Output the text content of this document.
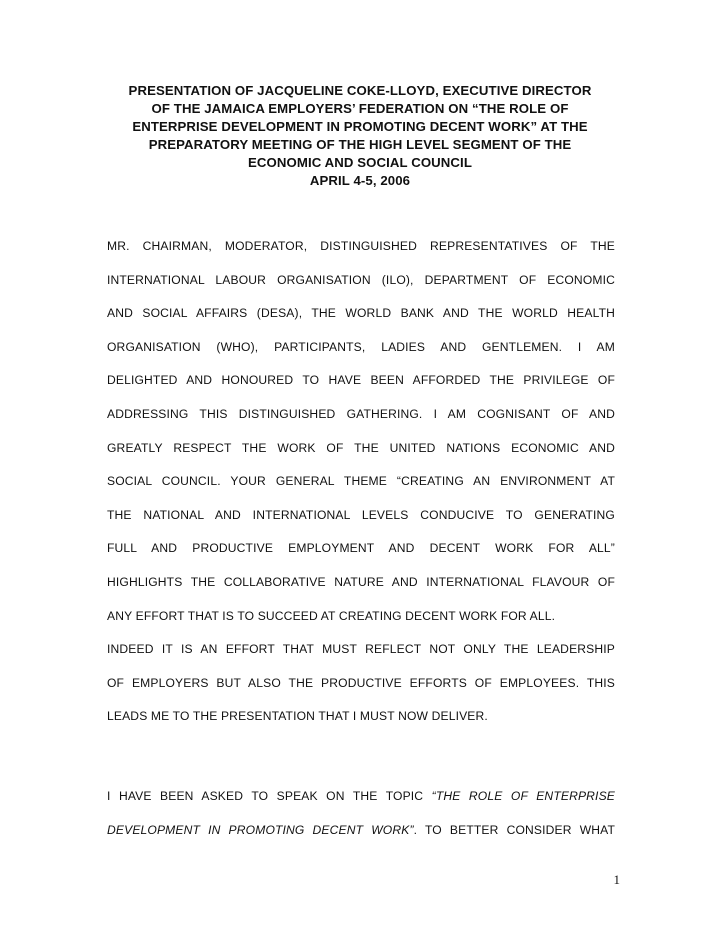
PRESENTATION OF JACQUELINE COKE-LLOYD, EXECUTIVE DIRECTOR
OF THE JAMAICA EMPLOYERS’ FEDERATION ON “THE ROLE OF
ENTERPRISE DEVELOPMENT IN PROMOTING DECENT WORK” AT THE
PREPARATORY MEETING OF THE HIGH LEVEL SEGMENT OF THE
ECONOMIC AND SOCIAL COUNCIL
APRIL 4-5, 2006
MR. CHAIRMAN, MODERATOR, DISTINGUISHED REPRESENTATIVES OF THE
INTERNATIONAL LABOUR ORGANISATION (ILO), DEPARTMENT OF ECONOMIC
AND SOCIAL AFFAIRS (DESA), THE WORLD BANK AND THE WORLD HEALTH
ORGANISATION (WHO), PARTICIPANTS, LADIES AND GENTLEMEN. I AM
DELIGHTED AND HONOURED TO HAVE BEEN AFFORDED THE PRIVILEGE OF
ADDRESSING THIS DISTINGUISHED GATHERING. I AM COGNISANT OF AND
GREATLY RESPECT THE WORK OF THE UNITED NATIONS ECONOMIC AND
SOCIAL COUNCIL. YOUR GENERAL THEME “CREATING AN ENVIRONMENT AT
THE NATIONAL AND INTERNATIONAL LEVELS CONDUCIVE TO GENERATING
FULL AND PRODUCTIVE EMPLOYMENT AND DECENT WORK FOR ALL”
HIGHLIGHTS THE COLLABORATIVE NATURE AND INTERNATIONAL FLAVOUR OF
ANY EFFORT THAT IS TO SUCCEED AT CREATING DECENT WORK FOR ALL.
INDEED IT IS AN EFFORT THAT MUST REFLECT NOT ONLY THE LEADERSHIP
OF EMPLOYERS BUT ALSO THE PRODUCTIVE EFFORTS OF EMPLOYEES. THIS
LEADS ME TO THE PRESENTATION THAT I MUST NOW DELIVER.
I HAVE BEEN ASKED TO SPEAK ON THE TOPIC “THE ROLE OF ENTERPRISE
DEVELOPMENT IN PROMOTING DECENT WORK”. TO BETTER CONSIDER WHAT
1
